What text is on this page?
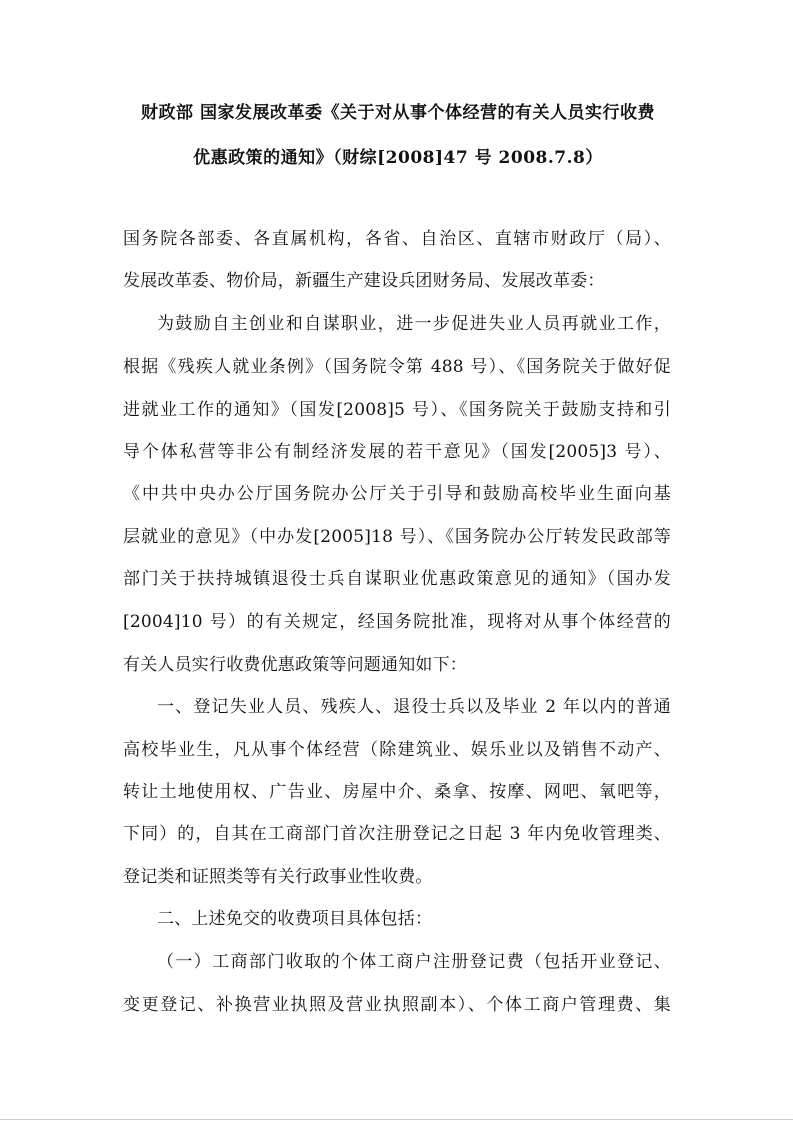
财政部 国家发展改革委《关于对从事个体经营的有关人员实行收费
优惠政策的通知》（财综[2008]47 号 2008.7.8）
国务院各部委、各直属机构，各省、自治区、直辖市财政厅（局）、
发展改革委、物价局，新疆生产建设兵团财务局、发展改革委：
为鼓励自主创业和自谋职业，进一步促进失业人员再就业工作，
根据《残疾人就业条例》（国务院令第 488 号）、《国务院关于做好促
进就业工作的通知》（国发[2008]5 号）、《国务院关于鼓励支持和引
导个体私营等非公有制经济发展的若干意见》（国发[2005]3 号）、
《中共中央办公厅国务院办公厅关于引导和鼓励高校毕业生面向基
层就业的意见》（中办发[2005]18 号）、《国务院办公厅转发民政部等
部门关于扶持城镇退役士兵自谋职业优惠政策意见的通知》（国办发
[2004]10 号）的有关规定，经国务院批准，现将对从事个体经营的
有关人员实行收费优惠政策等问题通知如下：
一、登记失业人员、残疾人、退役士兵以及毕业 2 年以内的普通
高校毕业生，凡从事个体经营（除建筑业、娱乐业以及销售不动产、
转让土地使用权、广告业、房屋中介、桑拿、按摩、网吧、氧吧等，
下同）的，自其在工商部门首次注册登记之日起 3 年内免收管理类、
登记类和证照类等有关行政事业性收费。
二、上述免交的收费项目具体包括：
（一）工商部门收取的个体工商户注册登记费（包括开业登记、
变更登记、补换营业执照及营业执照副本）、个体工商户管理费、集
